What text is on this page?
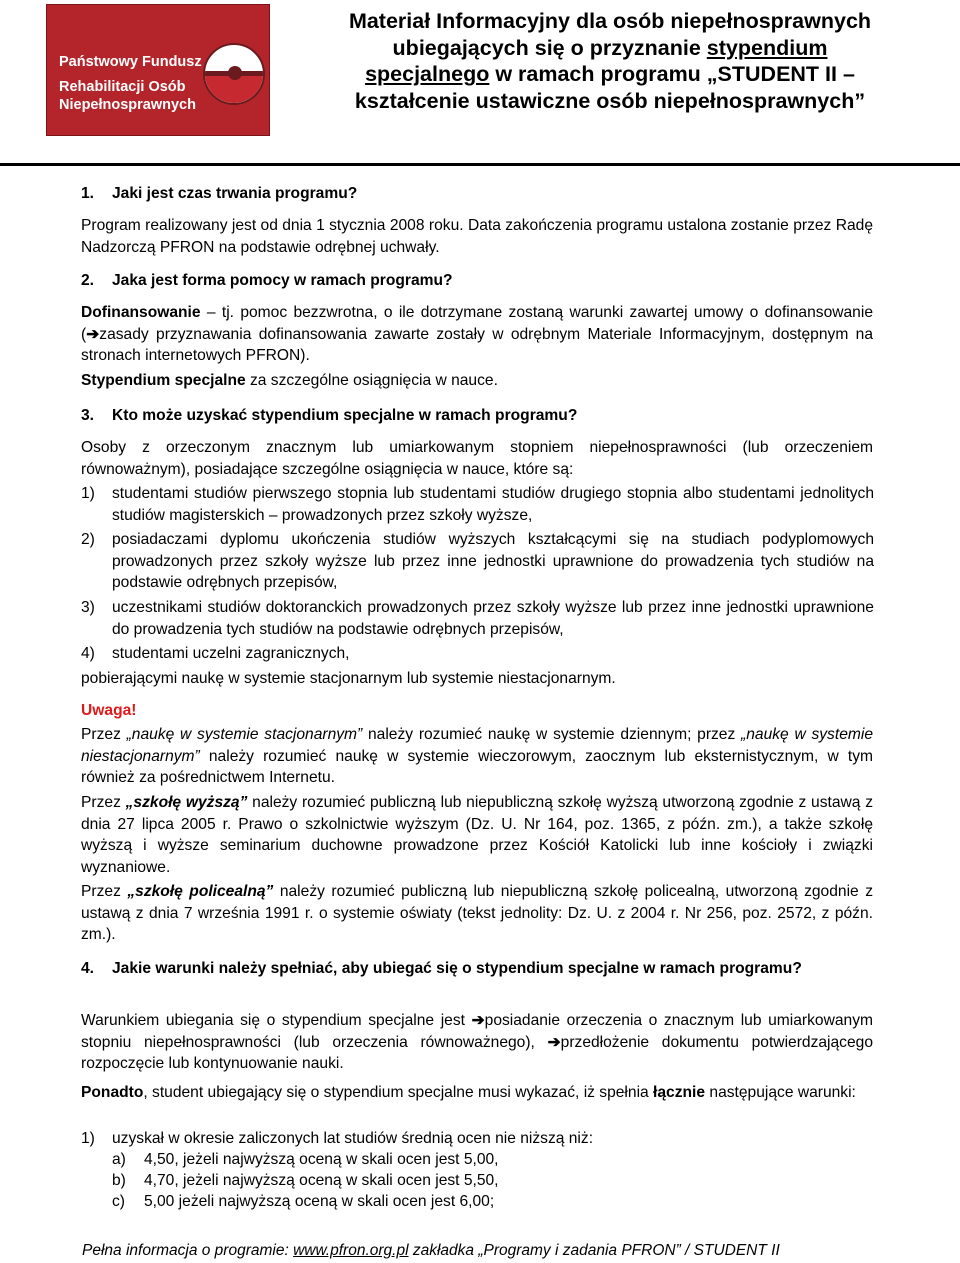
Państwowy Fundusz
Rehabilitacji Osób
Niepełnosprawnych
Materiał Informacyjny dla osób niepełnosprawnych
ubiegających się o przyznanie stypendium
specjalnego w ramach programu „STUDENT II –
kształcenie ustawiczne osób niepełnosprawnych”
1. Jaki jest czas trwania programu?
Program realizowany jest od dnia 1 stycznia 2008 roku. Data zakończenia programu ustalona zostanie przez Radę Nadzorczą PFRON na podstawie odrębnej uchwały.
2. Jaka jest forma pomocy w ramach programu?
Dofinansowanie – tj. pomoc bezzwrotna, o ile dotrzymane zostaną warunki zawartej umowy o dofinansowanie (➔zasady przyznawania dofinansowania zawarte zostały w odrębnym Materiale Informacyjnym, dostępnym na stronach internetowych PFRON).
Stypendium specjalne za szczególne osiągnięcia w nauce.
3. Kto może uzyskać stypendium specjalne w ramach programu?
Osoby z orzeczonym znacznym lub umiarkowanym stopniem niepełnosprawności (lub orzeczeniem równoważnym), posiadające szczególne osiągnięcia w nauce, które są:
1) studentami studiów pierwszego stopnia lub studentami studiów drugiego stopnia albo studentami jednolitych studiów magisterskich – prowadzonych przez szkoły wyższe,
2) posiadaczami dyplomu ukończenia studiów wyższych kształcącymi się na studiach podyplomowych prowadzonych przez szkoły wyższe lub przez inne jednostki uprawnione do prowadzenia tych studiów na podstawie odrębnych przepisów,
3) uczestnikami studiów doktoranckich prowadzonych przez szkoły wyższe lub przez inne jednostki uprawnione do prowadzenia tych studiów na podstawie odrębnych przepisów,
4) studentami uczelni zagranicznych,
pobierającymi naukę w systemie stacjonarnym lub systemie niestacjonarnym.
Uwaga!
Przez „naukę w systemie stacjonarnym” należy rozumieć naukę w systemie dziennym; przez „naukę w systemie niestacjonarnym” należy rozumieć naukę w systemie wieczorowym, zaocznym lub eksternistycznym, w tym również za pośrednictwem Internetu.
Przez „szkołę wyższą” należy rozumieć publiczną lub niepubliczną szkołę wyższą utworzoną zgodnie z ustawą z dnia 27 lipca 2005 r. Prawo o szkolnictwie wyższym (Dz. U. Nr 164, poz. 1365, z późn. zm.), a także szkołę wyższą i wyższe seminarium duchowne prowadzone przez Kościół Katolicki lub inne kościoły i związki wyznaniowe.
Przez „szkołę policealną” należy rozumieć publiczną lub niepubliczną szkołę policealną, utworzoną zgodnie z ustawą z dnia 7 września 1991 r. o systemie oświaty (tekst jednolity: Dz. U. z 2004 r. Nr 256, poz. 2572, z późn. zm.).
4. Jakie warunki należy spełniać, aby ubiegać się o stypendium specjalne w ramach programu?
Warunkiem ubiegania się o stypendium specjalne jest ➔posiadanie orzeczenia o znacznym lub umiarkowanym stopniu niepełnosprawności (lub orzeczenia równoważnego), ➔przedłożenie dokumentu potwierdzającego rozpoczęcie lub kontynuowanie nauki.
Ponadto, student ubiegający się o stypendium specjalne musi wykazać, iż spełnia łącznie następujące warunki:
1) uzyskał w okresie zaliczonych lat studiów średnią ocen nie niższą niż:
a) 4,50, jeżeli najwyższą oceną w skali ocen jest 5,00,
b) 4,70, jeżeli najwyższą oceną w skali ocen jest 5,50,
c) 5,00 jeżeli najwyższą oceną w skali ocen jest 6,00;
Pełna informacja o programie: www.pfron.org.pl zakładka „Programy i zadania PFRON” / STUDENT II
